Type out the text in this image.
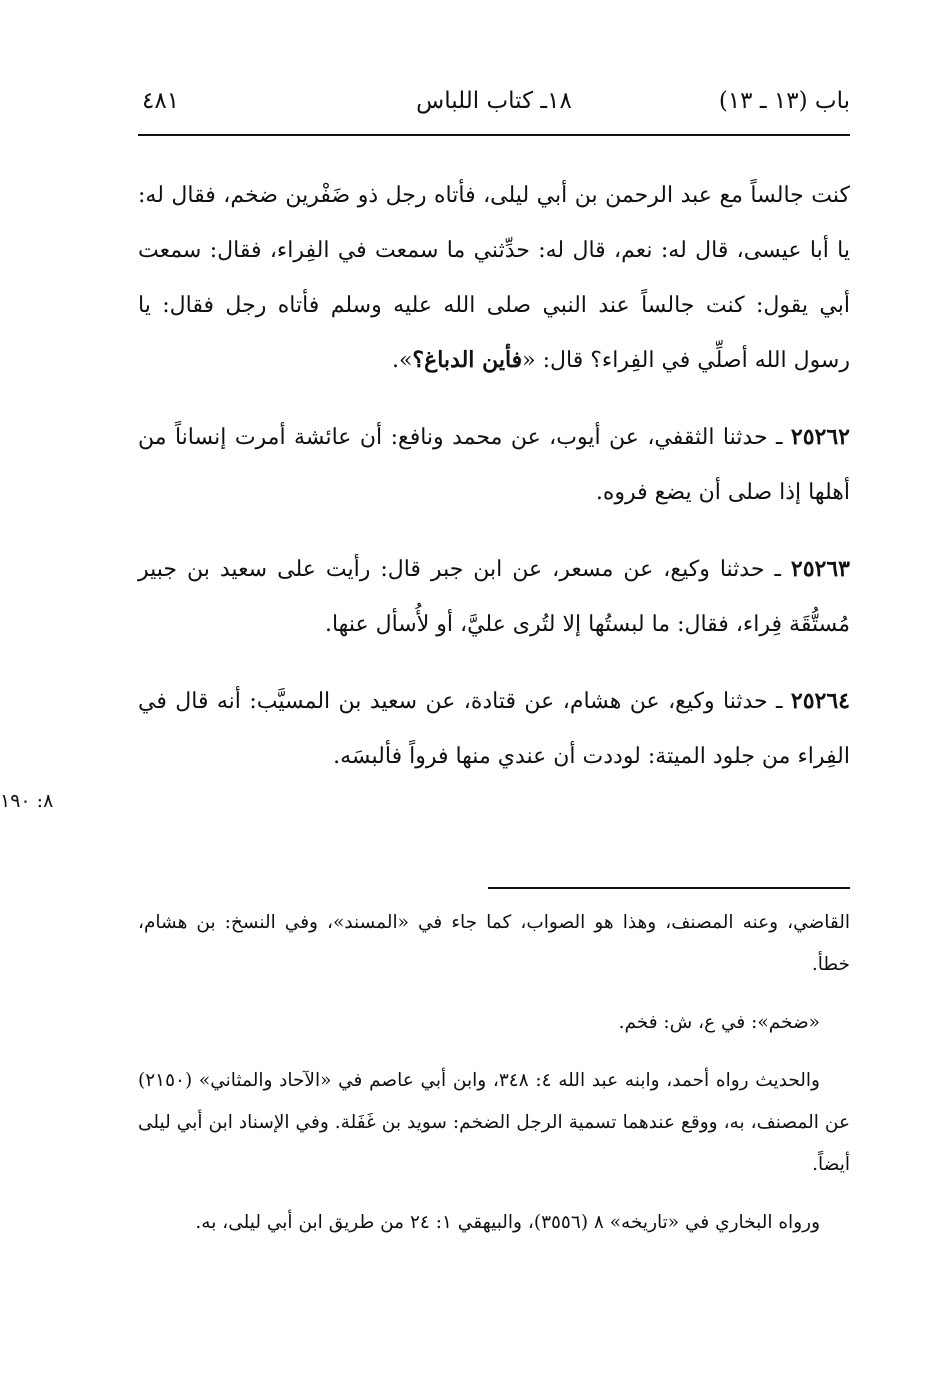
باب (١٣ ـ ١٣)
١٨ـ كتاب اللباس
٤٨١

كنت جالساً مع عبد الرحمن بن أبي ليلى، فأتاه رجل ذو ضَفْرين ضخم، فقال له: يا أبا عيسى، قال له: نعم، قال له: حدِّثني ما سمعت في الفِراء، فقال: سمعت أبي يقول: كنت جالساً عند النبي صلى الله عليه وسلم فأتاه رجل فقال: يا رسول الله أصلِّي في الفِراء؟ قال: «فأين الدباغ؟».

٢٥٢٦٢ ـ حدثنا الثقفي، عن أيوب، عن محمد ونافع: أن عائشة أمرت إنساناً من أهلها إذا صلى أن يضع فروه.

٢٥٢٦٣ ـ حدثنا وكيع، عن مسعر، عن ابن جبر قال: رأيت على سعيد بن جبير مُستُّقَة فِراء، فقال: ما لبستُها إلا لتُرى عليَّ، أو لأُسأل عنها.

٢٥٢٦٤ ـ حدثنا وكيع، عن هشام، عن قتادة، عن سعيد بن المسيَّب: أنه قال في الفِراء من جلود الميتة: لوددت أن عندي منها فرواً فألبسَه.

٨: ١٩٠

القاضي، وعنه المصنف، وهذا هو الصواب، كما جاء في «المسند»، وفي النسخ: بن هشام، خطأ.

«ضخم»: في ع، ش: فخم.

والحديث رواه أحمد، وابنه عبد الله ٤: ٣٤٨، وابن أبي عاصم في «الآحاد والمثاني» (٢١٥٠) عن المصنف، به، ووقع عندهما تسمية الرجل الضخم: سويد بن غَفَلة. وفي الإسناد ابن أبي ليلى أيضاً.

ورواه البخاري في «تاريخه» ٨ (٣٥٥٦)، والبيهقي ١: ٢٤ من طريق ابن أبي ليلى، به.
